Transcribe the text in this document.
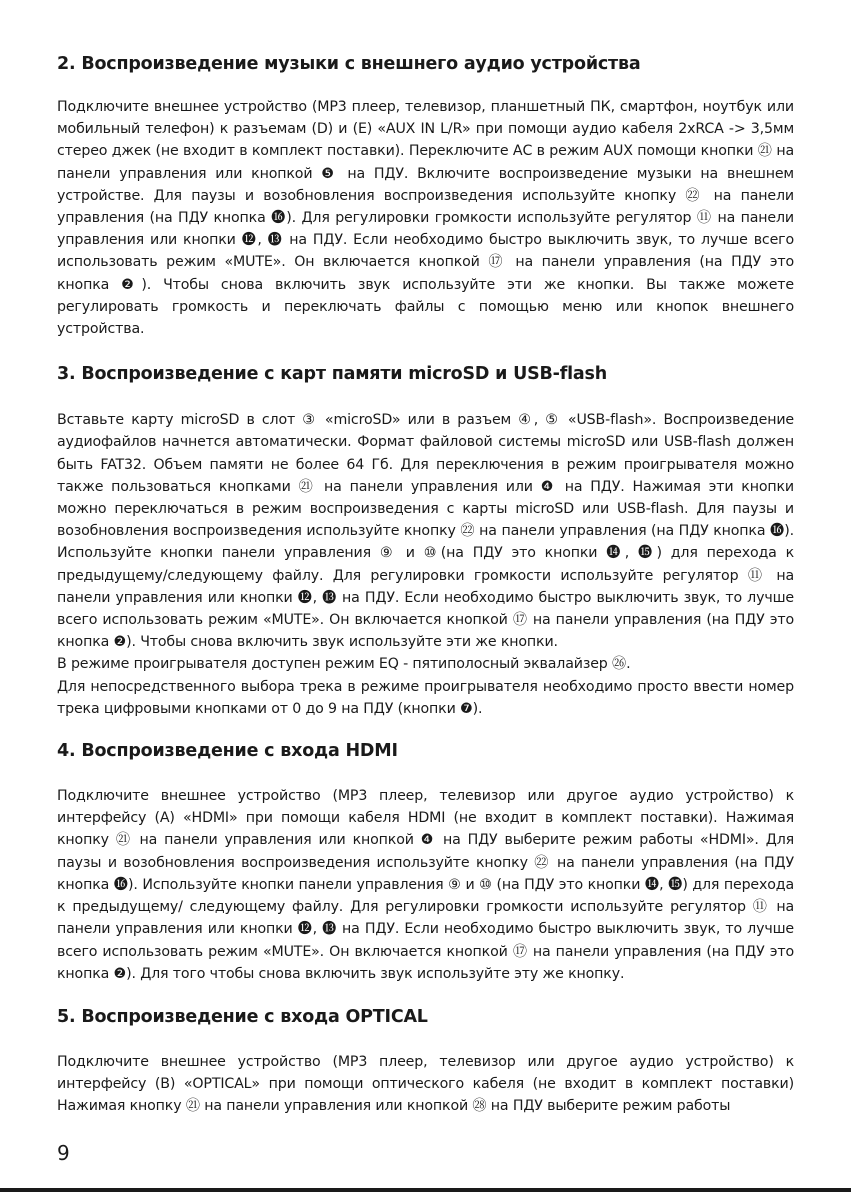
2. Воспроизведение музыки с внешнего аудио устройства

Подключите внешнее устройство (MP3 плеер, телевизор, планшетный ПК, смартфон, ноутбук или мобильный телефон) к разъемам (D) и (E) «AUX IN L/R» при помощи аудио кабеля 2xRCA -> 3,5мм стерео джек (не входит в комплект поставки). Переключите АС в режим AUX помощи кнопки ㉑ на панели управления или кнопкой ❺ на ПДУ. Включите воспроизведение музыки на внешнем устройстве. Для паузы и возобновления воспроизведения используйте кнопку ㉒ на панели управления (на ПДУ кнопка ⓰). Для регулировки громкости используйте регулятор ⑪ на панели управления или кнопки ⓬, ⓭ на ПДУ. Если необходимо быстро выключить звук, то лучше всего использовать режим «MUTE». Он включается кнопкой ⑰ на панели управления (на ПДУ это кнопка ❷). Чтобы снова включить звук используйте эти же кнопки. Вы также можете регулировать громкость и переключать файлы с помощью меню или кнопок внешнего устройства.

3. Воспроизведение с карт памяти microSD и USB-flash

Вставьте карту microSD в слот ③ «microSD» или в разъем ④, ⑤ «USB-flash». Воспроизведение аудиофайлов начнется автоматически. Формат файловой системы microSD или USB-flash должен быть FAT32. Объем памяти не более 64 Гб. Для переключения в режим проигрывателя можно также пользоваться кнопками ㉑ на панели управления или ❹ на ПДУ. Нажимая эти кнопки можно переключаться в режим воспроизведения с карты microSD или USB-flash. Для паузы и возобновления воспроизведения используйте кнопку ㉒ на панели управления (на ПДУ кнопка ⓰). Используйте кнопки панели управления ⑨ и ⑩(на ПДУ это кнопки ⓮, ⓯) для перехода к предыдущему/следующему файлу. Для регулировки громкости используйте регулятор ⑪ на панели управления или кнопки ⓬, ⓭ на ПДУ. Если необходимо быстро выключить звук, то лучше всего использовать режим «MUTE». Он включается кнопкой ⑰ на панели управления (на ПДУ это кнопка ❷). Чтобы снова включить звук используйте эти же кнопки.

В режиме проигрывателя доступен режим EQ - пятиполосный эквалайзер ㉖.

Для непосредственного выбора трека в режиме проигрывателя необходимо просто ввести номер трека цифровыми кнопками от 0 до 9 на ПДУ (кнопки ❼).

4. Воспроизведение с входа HDMI

Подключите внешнее устройство (MP3 плеер, телевизор или другое аудио устройство) к интерфейсу (A) «HDMI» при помощи кабеля HDMI (не входит в комплект поставки). Нажимая кнопку ㉑ на панели управления или кнопкой ❹ на ПДУ выберите режим работы «HDMI». Для паузы и возобновления воспроизведения используйте кнопку ㉒ на панели управления (на ПДУ кнопка ⓰). Используйте кнопки панели управления ⑨ и ⑩ (на ПДУ это кнопки ⓮, ⓯) для перехода к предыдущему/ следующему файлу. Для регулировки громкости используйте регулятор ⑪ на панели управления или кнопки ⓬, ⓭ на ПДУ. Если необходимо быстро выключить звук, то лучше всего использовать режим «MUTE». Он включается кнопкой ⑰ на панели управления (на ПДУ это кнопка ❷). Для того чтобы снова включить звук используйте эту же кнопку.

5. Воспроизведение с входа OPTICAL

Подключите внешнее устройство (MP3 плеер, телевизор или другое аудио устройство) к интерфейсу (B) «OPTICAL» при помощи оптического кабеля (не входит в комплект поставки) Нажимая кнопку ㉑ на панели управления или кнопкой ㉘ на ПДУ выберите режим работы

9
